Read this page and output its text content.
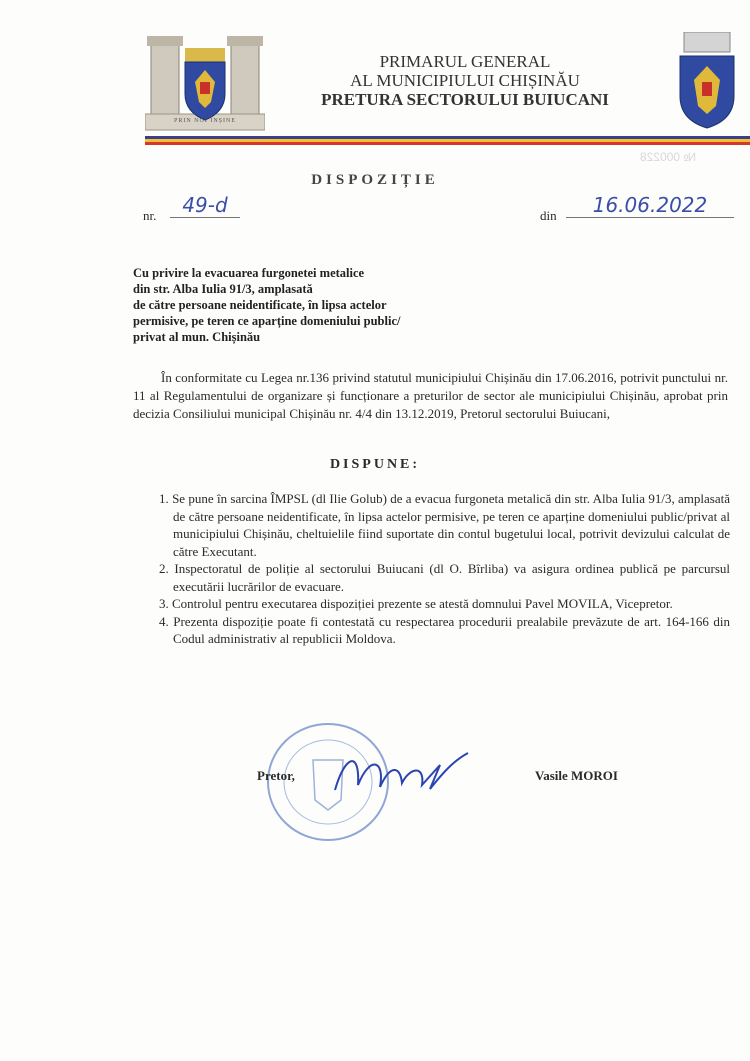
PRIN NOI ÎNȘINE
PRIMARUL GENERAL
AL MUNICIPIULUI CHIȘINĂU
PRETURA SECTORULUI BUIUCANI
№ 000228
DISPOZIȚIE
nr.	49-d	din	16.06.2022
Cu privire la evacuarea furgonetei metalice
din str. Alba Iulia 91/3, amplasată
de către persoane neidentificate, în lipsa actelor
permisive, pe teren ce aparține domeniului public/
privat al mun. Chișinău
În conformitate cu Legea nr.136 privind statutul municipiului Chișinău din 17.06.2016, potrivit punctului nr. 11 al Regulamentului de organizare și funcționare a preturilor de sector ale municipiului Chișinău, aprobat prin decizia Consiliului municipal Chișinău nr. 4/4 din 13.12.2019, Pretorul sectorului Buiucani,
DISPUNE:
1. Se pune în sarcina ÎMPSL (dl Ilie Golub) de a evacua furgoneta metalică din str. Alba Iulia 91/3, amplasată de către persoane neidentificate, în lipsa actelor permisive, pe teren ce aparține domeniului public/privat al municipiului Chișinău, cheltuielile fiind suportate din contul bugetului local, potrivit devizului calculat de către Executant.
2. Inspectoratul de poliție al sectorului Buiucani (dl O. Bîrliba) va asigura ordinea publică pe parcursul executării lucrărilor de evacuare.
3. Controlul pentru executarea dispoziției prezente se atestă domnului Pavel MOVILA, Vicepretor.
4. Prezenta dispoziție poate fi contestată cu respectarea procedurii prealabile prevăzute de art. 164-166 din Codul administrativ al republicii Moldova.
Pretor,	Vasile MOROI
